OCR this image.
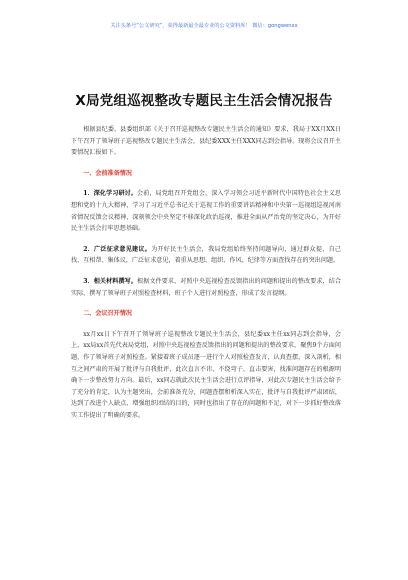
关注头条号“公文研究”，获得最新最全最专业的公文资料库！ 微信：gongwenxx
X局党组巡视整改专题民主生活会情况报告

根据县纪委、县委组织部《关于召开巡视整改专题民主生活会的通知》要求，我局于XX月XX日下午召开了领导班子巡视整改专题民主生活会，县纪委XXX主任XXX同志到会指导。现将会议召开主要情况汇报如下。

一、会前准备情况

1．深化学习研讨。会前，局党组召开党组会，深入学习领会习近平新时代中国特色社会主义思想和党的十九大精神，学习了习近平总书记关于巡视工作的重要讲话精神和中央第一巡视组巡视河南省情况反馈会议精神，深刻领会中央坚定不移深化政治巡视，推进全面从严治党的坚定决心，为开好民主生活会打牢思想基础。

2．广泛征求意见建议。为开好民主生活会，我局党组始终坚持问题导向，通过群众提、自己找、互相帮、集体议，广泛征求意见，着重从思想、组织、作风、纪律等方面查找存在的突出问题。

3．相关材料撰写。根据文件要求，对照中央巡视检查反馈指出的问题和提出的整改要求，结合实际，撰写了领导班子对照检查材料，班子个人进行对照检查，形成了发言提纲。

二、会议召开情况

xx月xx日下午召开了领导班子巡视整改专题民主生活会，县纪委xx主任xx同志到会指导，会上，xx局xx首先代表局党组，对照中央巡视检查反馈指出的问题和提出的整改要求，聚焦9个方面问题，作了领导班子对照检查。紧接着班子成员逐一进行个人对照检查发言，认真查摆，深入剖析，相互之间严肃的开展了批评与自我批评，此次直言不讳、不绕弯子、直击要害，找准问题存在的根源明确下一步整改努力方向。最后，xx同志就此次民主生活会进行点评指导，对此次专题民主生活会给予了充分的肯定，认为主题突出，会前准备充分，问题查摆和析深入实在，批评与自我批评严肃团结，达到了改进个人缺点，增强组织团结的目的，同时也指出了存在的问题和不足，对下一步抓好整改落实工作提出了明确的要求。
